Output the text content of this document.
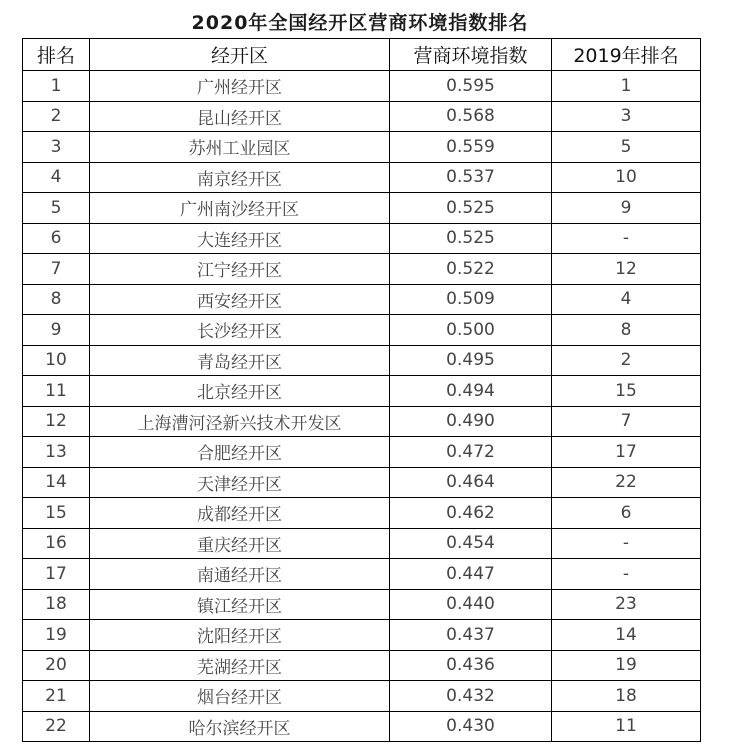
2020年全国经开区营商环境指数排名
排名	经开区	营商环境指数	2019年排名
1	广州经开区	0.595	1
2	昆山经开区	0.568	3
3	苏州工业园区	0.559	5
4	南京经开区	0.537	10
5	广州南沙经开区	0.525	9
6	大连经开区	0.525	-
7	江宁经开区	0.522	12
8	西安经开区	0.509	4
9	长沙经开区	0.500	8
10	青岛经开区	0.495	2
11	北京经开区	0.494	15
12	上海漕河泾新兴技术开发区	0.490	7
13	合肥经开区	0.472	17
14	天津经开区	0.464	22
15	成都经开区	0.462	6
16	重庆经开区	0.454	-
17	南通经开区	0.447	-
18	镇江经开区	0.440	23
19	沈阳经开区	0.437	14
20	芜湖经开区	0.436	19
21	烟台经开区	0.432	18
22	哈尔滨经开区	0.430	11
